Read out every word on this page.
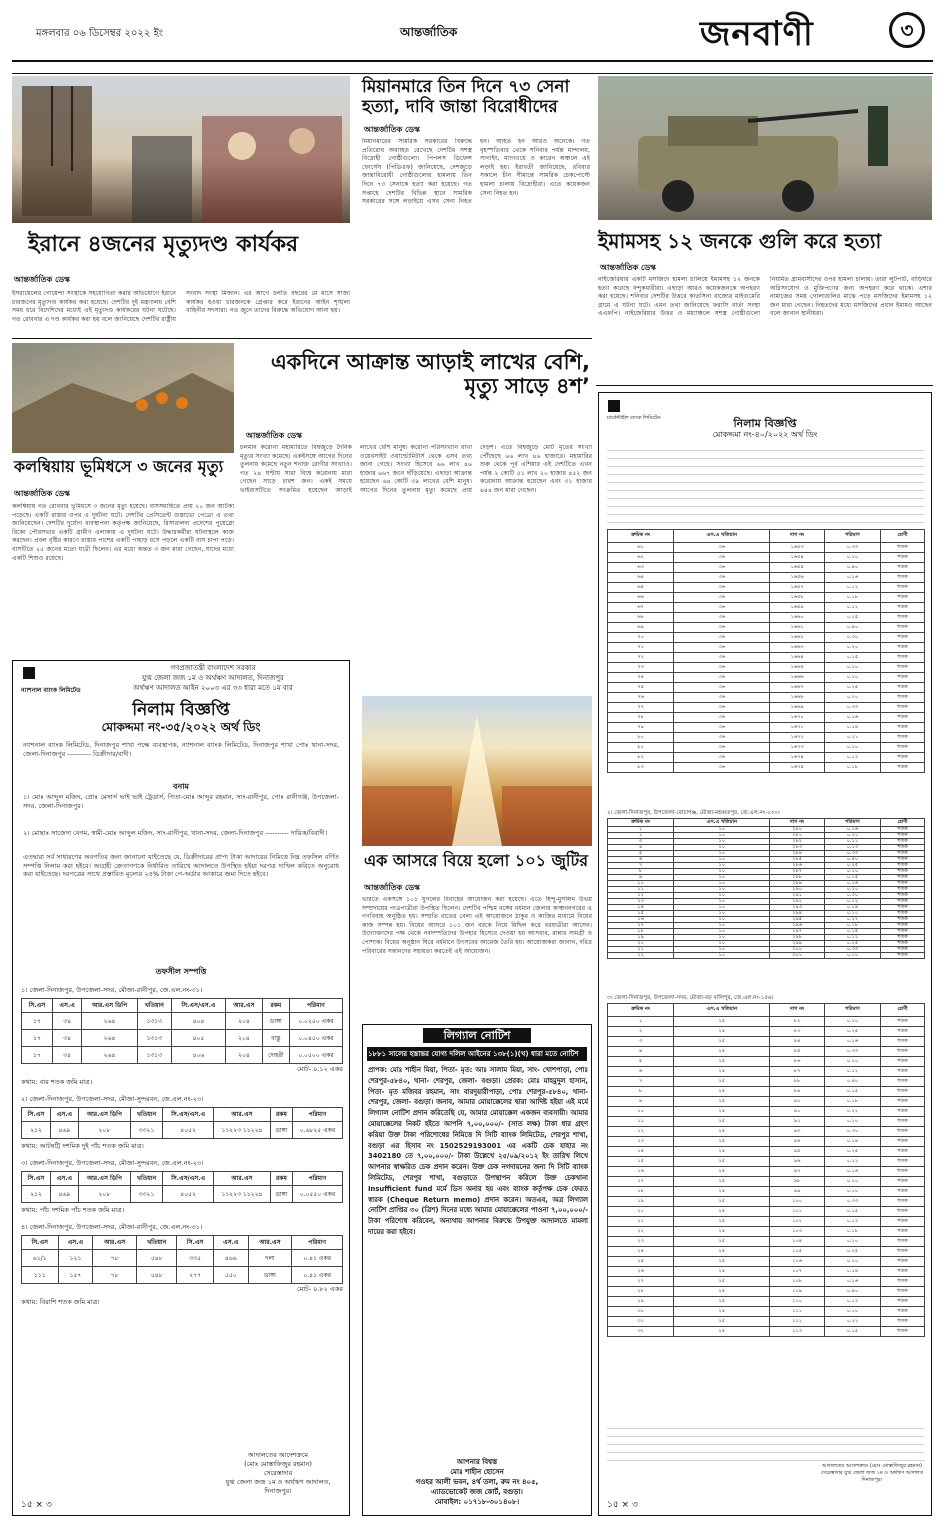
মঙ্গলবার ০৬ ডিসেম্বর ২০২২ ইং	আন্তর্জাতিক	জনবাণী	৩
ইরানে ৪জনের মৃত্যুদণ্ড কার্যকর
আন্তর্জাতিক ডেস্ক
ইসরায়েলের গোয়েন্দা সংস্থাকে সহযোগিতা করার অভিযোগে ইরানে চারজনের মৃত্যুদণ্ড কার্যকর করা হয়েছে। দেশটির দুই মন্ত্রণালয় বেশি সময় ধরে বিদেশিদের মধ্যেই এই মৃত্যুদণ্ড কার্যকরের ঘটনা ঘটেছে। গত রোববার এ দণ্ড কার্যকর করা হয় বলে জানিয়েছে দেশটির রাষ্ট্রীয় সংবাদ সংস্থা মিজান। এর আগে চলতি বছরের মে মাসে সাজা কার্যকর হওয়া চারজনকে গ্রেপ্তার করে ইরানের আইন শৃঙ্খলা বাহিনীর সদস্যরা। গত জুনে তাদের বিরুদ্ধে অভিযোগ আনা হয়।
মিয়ানমারে তিন দিনে ৭৩ সেনা হত্যা, দাবি জান্তা বিরোধীদের
আন্তর্জাতিক ডেস্ক
মিয়ানমারের সামরিক সরকারের বিরুদ্ধে প্রতিরোধ অব্যাহত রেখেছে দেশটির সশস্ত্র বিদ্রোহী গোষ্ঠীগুলো। পিপলস ডিফেন্স ফোর্সেস (পিডিএফ) জানিয়েছে, দেশজুড়ে জান্তাবিরোধী গোষ্ঠীগুলোর হামলায় তিন দিনে ৭৩ সেনাকে হত্যা করা হয়েছে। গত সপ্তাহে দেশটির বিভিন্ন স্থানে সামরিক সরকারের সঙ্গে লড়াইয়ে এসব সেনা নিহত হন। আহত হন আরও অনেকে। গত বৃহস্পতিবার থেকে শনিবার পর্যন্ত মান্দালয়, সাগাইং, ম্যাগওয়ে ও কারেন অঞ্চলে এই লড়াই হয়। ইরাবতী জানিয়েছে, রবিবার সকালে চীন সীমান্তে সামরিক চেকপোস্টে হামলা চালায় বিদ্রোহীরা। এতে কয়েকজন সেনা নিহত হন।
ইমামসহ ১২ জনকে গুলি করে হত্যা
আন্তর্জাতিক ডেস্ক
নাইজেরিয়ার একটি মসজিদে হামলা চালিয়ে ইমামসহ ১২ জনকে হত্যা করেছে বন্দুকধারীরা। এছাড়া আরও কয়েকজনকে অপহরণ করা হয়েছে। শনিবার দেশটির উত্তরে কাতসিনা রাজ্যের মাইগুমেরি গ্রামে এ ঘটনা ঘটে। এমন তথ্য জানিয়েছে ফরাসি বার্তা সংস্থা এএফপি। নাইজেরিয়ার উত্তর ও মধ্যাঞ্চলে সশস্ত্র গোষ্ঠীগুলো নিয়মিত গ্রামবাসীদের ওপর হামলা চালায়। তারা লুটপাট, বাড়িঘরে অগ্নিসংযোগ ও মুক্তিপণের জন্য অপহরণ করে থাকে। এশার নামাজের সময় গোলাগুলির মাঝে পড়ে মসজিদের ইমামসহ ১২ জন মারা গেছেন। নিহতদের মধ্যে মসজিদের প্রধান ইমামও আছেন বলে জানান স্থানীয়রা।
কলম্বিয়ায় ভূমিধসে ৩ জনের মৃত্যু
আন্তর্জাতিক ডেস্ক
কলম্বিয়ায় গত রোববার ভূমিধসে ৩ জনের মৃত্যু হয়েছে। বাসসমাহিতে প্রায় ২০ জন আটকা পড়েছে। একটি রাস্তার ওপর এ দুর্ঘটনা ঘটে। দেশটির প্রেসিডেন্ট গুস্তাভো পেত্রো এ তথ্য জানিয়েছেন। দেশটির দুর্যোগ ব্যবস্থাপনা কর্তৃপক্ষ জানিয়েছে, রিসারালদা প্রদেশের পুয়েব্লো রিকো পৌরসভার একটি গ্রামীণ এলাকায় এ দুর্ঘটনা ঘটে। উদ্ধারকর্মীরা ঘটনাস্থলে কাজ করছেন। প্রবল বৃষ্টির কারণে রাস্তার পাশের একটি পাহাড় ধসে পড়লে একটি বাস চাপা পড়ে। বাসটিতে ২৫ জনের মতো যাত্রী ছিলেন। এর মধ্যে অন্তত ৩ জন মারা গেছেন, যাদের মধ্যে একটি শিশুও রয়েছে।
একদিনে আক্রান্ত আড়াই লাখের বেশি, মৃত্যু সাড়ে ৪শ’
আন্তর্জাতিক ডেস্ক
চলমান করোনা মহামারিতে বিশ্বজুড়ে দৈনিক মৃত্যুর সংখ্যা কমেছে। একইসঙ্গে আগের দিনের তুলনায় কমেছে নতুন শনাক্ত রোগীর সংখ্যাও। গত ২৪ ঘণ্টায় সারা বিশ্বে করোনায় মারা গেছেন সাড়ে চারশ জন। একই সময়ে ভাইরাসটিতে সংক্রমিত হয়েছেন আড়াই লাখের বেশি মানুষ। করোনা পরিসংখ্যান রাখা ওয়েবসাইট ওয়ার্ল্ডোমিটার্স থেকে এসব তথ্য জানা গেছে। সংখ্যা হিসেবে ৬৬ লাখ ৪৬ হাজার ৬৬৭ জনে দাঁড়িয়েছে। এছাড়া আক্রান্ত হয়েছেন ৬৪ কোটি ৩৯ লাখের বেশি মানুষ। আগের দিনের তুলনায় মৃত্যু কমেছে প্রায় দেড়শ। এতে বিশ্বজুড়ে মোট মৃতের সংখ্যা পৌঁছেছে ৬৬ লাখ ৪৬ হাজারে। মহামারির শুরু থেকে পূর্ব এশিয়ার এই দেশটিতে এখন পর্যন্ত ২ কোটি ৫১ লাখ ২০ হাজার ৪৫২ জন করোনায় আক্রান্ত হয়েছেন এবং ৩১ হাজার ৬৪৪ জন মারা গেছেন।
ন্যাশনাল ব্যাংক লিমিটেড
গণপ্রজাতন্ত্রী বাংলাদেশ সরকার
যুগ্ম জেলা জজ ১ম ও অর্থঋণ আদালত, দিনাজপুর
অর্থঋণ আদালত আইন ২০০৩ এর ৩৩ ধারা মতে ১ম বার
নিলাম বিজ্ঞপ্তি
মোকদ্দমা নং-৩৫/২০২২ অর্থ ডিং
ন্যাশনাল ব্যাংক লিমিটেড, দিনাজপুর শাখা পক্ষে ব্যবস্থাপক, ন্যাশনাল ব্যাংক লিমিটেড, দিনাজপুর শাখা পোঃ থানা-সদর, জেলা-দিনাজপুর ---------- ডিক্রীদার/বাদী।
বনাম
১। মোঃ আব্দুল মজিদ, প্রোঃ মেসার্স ভাই ভাই ট্রেডার্স, পিতা-মোঃ আব্দুর রহমান, সাং-রানীপুর, পোঃ রানীগঞ্জ, উপজেলা-সদর, জেলা-দিনাজপুর।
২। মোছাঃ সাজেদা বেগম, স্বামী-মোঃ আব্দুল মজিদ, সাং-রানীপুর, থানা-সদর, জেলা-দিনাজপুর ---------- দায়িক/বিবাদী।
এতদ্বারা সর্ব সাধারণের অবগতির জন্য জানানো যাইতেছে যে, ডিক্রীদারের প্রাপ্য টাকা আদায়ের নিমিত্তে নিম্ন তফসিল বর্ণিত সম্পত্তি নিলাম করা হইবে। আগ্রহী ক্রেতাগণকে নির্ধারিত তারিখে আদালতে উপস্থিত হইয়া দরপত্র দাখিল করিতে অনুরোধ করা যাইতেছে। দরপত্রের সাথে প্রস্তাবিত মূল্যের ২৫% টাকা পে-অর্ডার আকারে জমা দিতে হইবে।
তফসীল সম্পত্তি
১। জেলা-দিনাজপুর, উপজেলা-সদর, মৌজা-রানীপুর, জে.এল.নং-৩১।
সি.এস	এস.এ	আর.এস ডিপি	খতিয়ান	সি.এস/এস.এ	আর.এস	রকম	পরিমাণ
১৭	৩৪	২৬৪	১৩১৩	৪০৪	২০৪	ডাঙ্গা	০.০২৫০ একর
১৭	৩৪	২৬৪	১৩১৩	৪০৫	২০৪	বাস্তু	০.০৪৫০ একর
১৭	৩৪	২৬৪	১৩১৩	৪০৬	২০৪	দোহরী	০.০৫০০ একর
মোট- ০.১২ একর
কথায়: বার শতক জমি মাত্র।
২। জেলা-দিনাজপুর, উপজেলা-সদর, মৌজা-সুন্দরবন, জে.এল.নং-২৩।
সি.এস	এস.এ	আর.এস ডিপি	খতিয়ান	সি.এস/এস.এ	আর.এস	রকম	পরিমাণ
২১২	৪৬৯	২০৮	৩৩২১	৪০৫২	১১২২৩ ১১২২৪	ডাঙ্গা	০.৬৮২৫ একর
কথায়: আটষট্টি দশমিক দুই পাঁচ শতক জমি মাত্র।
৩। জেলা-দিনাজপুর, উপজেলা-সদর, মৌজা-সুন্দরবন, জে.এল.নং-২৩।
সি.এস	এস.এ	আর.এস ডিপি	খতিয়ান	সি.এস/এস.এ	আর.এস	রকম	পরিমাণ
২১২	৪৬৯	২০৮	৩৩২১	৪০৫২	১১২২৩ ১১২২৪	ডাঙ্গা	০.০৫৫০ একর
কথায়: পাঁচ দশমিক পাঁচ শতক জমি মাত্র।
৪। জেলা-দিনাজপুর, উপজেলা-সদর, মৌজা-রানীপুর, জে.এল.নং-৩১।
সি.এস	এস.এ	আর.এস	খতিয়ান	সি.এস	এস.এ	আর.এস	পরিমাণ
৬১/১	১২১	৭৮	৫৪৮	৩৩৫	৪৬৬	দলা	০.৪১ একর
১১১	১৫৭	৭৮	৫৪৮	২৭৭	৫৫০	ডাঙ্গা	০.৪১ একর
মোট- ০.৮২ একর
কথায়: বিরাশি শতক জমি মাত্র।
আদালতের আদেশক্রমে
(মোঃ মোস্তাফিজুর রহমান)
সেরেস্তাদার
যুগ্ম জেলা জজ ১ম ও অর্থঋণ আদালত, দিনাজপুর।
১৫ × ৩
এক আসরে বিয়ে হলো ১০১ জুটির
আন্তর্জাতিক ডেস্ক
ভারতে একসঙ্গে ১০১ যুগলের বিবাহের আয়োজন করা হয়েছে। এতে হিন্দু-মুসলিম উভয় সম্প্রদায়ের পাত্রপাত্রীরা উপস্থিত ছিলেন। দেশটির পশ্চিম বঙ্গের বর্ধমান জেলার কাঞ্চননগরের এ গণবিবাহ অনুষ্ঠিত হয়। সম্প্রতি রাতের বেলা এই আয়োজনে ঠাকুর ও কাজির মাধ্যমে বিয়ের কাজ সম্পন্ন হয়। বিয়ের আসরে ১০১ জন বরকে নিয়ে মিছিল করে বরযাত্রীরা আসেন। উদ্যোক্তাদের পক্ষ থেকে নবদম্পতিদের উপহার হিসেবে দেওয়া হয় আসবাব, রান্নার সামগ্রী ও পোশাক। বিয়ের অনুষ্ঠান ঘিরে বর্ধমানে উৎসবের আমেজ তৈরি হয়। আয়োজকরা জানান, দরিদ্র পরিবারের সন্তানদের সহায়তা করতেই এই আয়োজন।
লিগ্যাল নোটিশ
১৮৮১ সালের হস্তান্তর যোগ্য দলিল আইনের ১৩৮(১)(খ) ধারা মতে নোটিশ
প্রাপক: মোঃ শাহীন মিয়া, পিতা- মৃত: আঃ সালাম মিয়া, সাং- খোশপাড়া, পোঃ শেরপুর-৫৮৪০, থানা- শেরপুর, জেলা- বগুড়া। প্রেরক: মোঃ মাহমুদুল হাসান, পিতা- মৃত মজিবর রহমান, সাং বারদুয়ারীপাড়া, পোঃ শেরপুর-৫৮৪০, থানা- শেরপুর, জেলা- বগুড়া। জনাব, আমার মোয়াক্কেলের দ্বারা আদিষ্ট হইয়া এই মর্মে লিগ্যাল নোটিশ প্রদান করিতেছি যে, আমার মোয়াক্কেল একজন ব্যবসায়ী। আমার মোয়াক্কেলের নিকট হইতে আপনি ৭,০০,০০০/- (সাত লক্ষ) টাকা ধার গ্রহণ করিয়া উক্ত টাকা পরিশোধের নিমিত্তে দি সিটি ব্যাংক লিমিটেড, শেরপুর শাখা, বগুড়া এর হিসাব নং 1502529193001 এর একটি চেক যাহার নং 3402180 তে ৭,০০,০০০/- টাকা উল্লেখে ২৫/০৯/২০১২ ইং তারিখ লিখে আপনার স্বাক্ষরিত চেক প্রদান করেন। উক্ত চেক নগদায়নের জন্য দি সিটি ব্যাংক লিমিটেড, শেরপুর শাখা, বগুড়াতে উপস্থাপন করিলে উক্ত চেকখানা Insufficient fund মর্মে ডিস অনার হয় এবং ব্যাংক কর্তৃপক্ষ চেক ফেরত স্বারক (Cheque Return memo) প্রদান করেন। অতএব, অত্র লিগ্যাল নোটিশ প্রাপ্তির ৩০ (ত্রিশ) দিনের মধ্যে আমার মোয়াক্কেলের পাওনা ৭,০০,০০০/- টাকা পরিশোধ করিবেন, অন্যথায় আপনার বিরুদ্ধে উপযুক্ত আদালতে মামলা দায়ের করা হইবে।
আপনার বিশ্বস্ত
মোঃ শাহীন হোসেন
গওহর আলী ভবন, ৪র্থ তলা, রুম নং ৪০৫,
এ্যাডভোকেট জজ কোর্ট, বগুড়া।
মোবাইল: ০১৭১৮-৩০১৪০৮।
মার্কেন্টাইল ব্যাংক লিমিটেড	নিলাম বিজ্ঞপ্তি
মোকদ্দমা নং-৪০/২০২২ অর্থ ডিং
ক্রমিক নং	এস.এ খতিয়ান	দাগ নং	পরিমাণ	শ্রেণী
৬১	৩৬	১৬৫৩	০.৩৩	শতক
৬২	৩৬	১৬৫৪	০.১০	শতক
৬৩	৩৬	১৬৫৫	০.৪০	শতক
৬৪	৩৬	১৬৫৬	০.১৬	শতক
৬৫	৩৬	১৬৫৭	০.১২	শতক
৬৬	৩৬	১৬৫৮	০.১৮	শতক
৬৭	৩৬	১৬৫৯	০.১২	শতক
৬৮	৩৬	১৬৬০	০.২৫	শতক
৬৯	৩৬	১৬৬১	০.৪০	শতক
৭০	৩৬	১৬৬২	০.৩০	শতক
৭১	৩৬	১৬৬৩	০.২০	শতক
৭২	৩৬	১৬৬৪	০.১৫	শতক
৭৩	৩৬	১৬৬৫	০.১০	শতক
৭৪	৩৬	১৬৬৬	০.১০	শতক
৭৫	৩৬	১৬৬৭	০.২৫	শতক
৭৬	৩৬	১৬৬৮	০.২০	শতক
৭৭	৩৬	১৬৬৯	০.৩৩	শতক
৭৮	৩৬	১৬৭০	০.১৬	শতক
৭৯	৩৬	১৬৭১	০.১৪	শতক
৮০	৩৬	১৬৭২	০.২১	শতক
৮১	৩৬	১৬৭৩	০.১০	শতক
৮২	৩৬	১৬৭৪	০.১২	শতক
৮৩	৩৬	১৬৭৫	০.১৮	শতক
২। জেলা-দিনাজপুর, উপজেলা-বোচাগঞ্জ, মৌজা-মহব্বতপুর, জে.এল.নং-১৩০।
ক্রমিক নং	এস.এ খতিয়ান	দাগ নং	পরিমাণ	শ্রেণী
১	১০	২৮০	০.১৬	শতক
২	১০	২৮১	০.২০	শতক
৩	১০	২৮২	০.১১	শতক
৪	১০	২৮৩	০.১৩	শতক
৫	১০	২৮৪	০.৩৩	শতক
৬	১০	২৮৫	০.৪০	শতক
৭	১০	২৮৬	০.২৫	শতক
৮	১০	২৮৭	০.১০	শতক
৯	১০	২৮৮	০.১৫	শতক
১০	১০	২৮৯	০.১৬	শতক
১১	১০	২৯০	০.২০	শতক
১২	১০	২৯১	০.৩০	শতক
১৩	১০	২৯২	০.১২	শতক
১৪	১০	২৯৩	০.১৪	শতক
১৫	১০	২৯৪	০.১০	শতক
১৬	১০	২৯৫	০.২২	শতক
১৭	১০	২৯৬	০.১৮	শতক
১৮	১০	২৯৭	০.১৫	শতক
১৯	১০	২৯৮	০.১২	শতক
২০	১০	২৯৯	০.২৫	শতক
২১	১০	৩০০	০.৩৩	শতক
২২	১০	৩০১	০.১০	শতক
৩। জেলা-দিনাজপুর, উপজেলা-সদর, মৌজা-বড় বালিপুর, জে.এল.নং-১৫৬।
ক্রমিক নং	এস.এ খতিয়ান	দাগ নং	পরিমাণ	শ্রেণী
১	২৫	৮২	০.১০	শতক
২	২৫	৮৩	০.২৫	শতক
৩	২৫	৮৪	০.১৬	শতক
৪	২৫	৮৫	০.৩৩	শতক
৫	২৫	৮৬	০.২০	শতক
৬	২৫	৮৭	০.১২	শতক
৭	২৫	৮৮	০.৪০	শতক
৮	২৫	৮৯	০.১৫	শতক
৯	২৫	৯০	০.১৮	শতক
১০	২৫	৯১	০.২২	শতক
১১	২৫	৯২	০.১০	শতক
১২	২৫	৯৩	০.৩০	শতক
১৩	২৫	৯৪	০.১৪	শতক
১৪	২৫	৯৫	০.২৫	শতক
১৫	২৫	৯৬	০.১২	শতক
১৬	২৫	৯৭	০.১৬	শতক
১৭	২৫	৯৮	০.২০	শতক
১৮	২৫	৯৯	০.১০	শতক
১৯	২৫	১০০	০.৩৩	শতক
২০	২৫	১০১	০.১৫	শতক
২১	২৫	১০২	০.১২	শতক
২২	২৫	১০৩	০.১৮	শতক
২৩	২৫	১০৪	০.১০	শতক
২৪	২৫	১০৫	০.২৫	শতক
২৫	২৫	১০৬	০.২০	শতক
২৬	২৫	১০৭	০.১৪	শতক
২৭	২৫	১০৮	০.১৬	শতক
২৮	২৫	১০৯	০.৪০	শতক
২৯	২৫	১১০	০.১২	শতক
৩০	২৫	১১১	০.১০	শতক
৩১	২৫	১১২	০.২২	শতক
৩২	২৫	১১৩	০.১৫	শতক
আদালতের আদেশক্রমে (মোঃ মোস্তাফিজুর রহমান) সেরেস্তাদার যুগ্ম জেলা জজ ১ম ও অর্থঋণ আদালত দিনাজপুর।
১৫ × ৩
